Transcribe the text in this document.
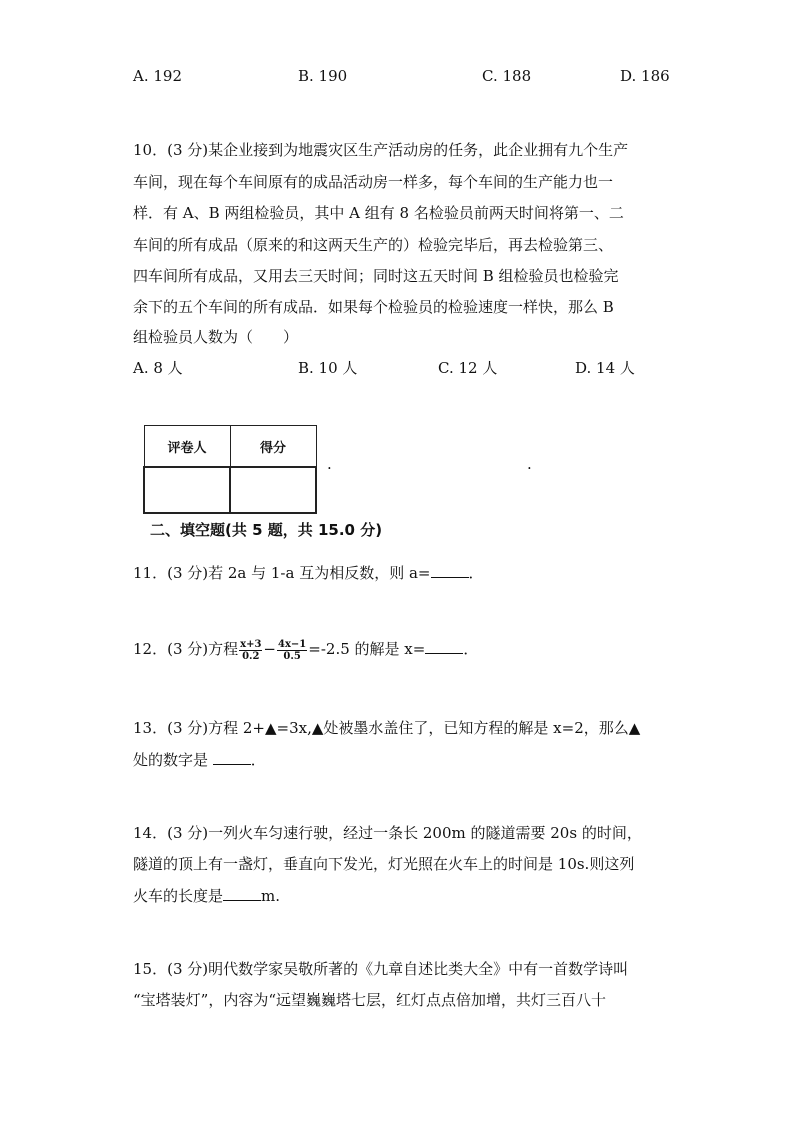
A. 192	B. 190	C. 188	D. 186
10．(3 分)某企业接到为地震灾区生产活动房的任务，此企业拥有九个生产
车间，现在每个车间原有的成品活动房一样多，每个车间的生产能力也一
样．有 A、B 两组检验员，其中 A 组有 8 名检验员前两天时间将第一、二
车间的所有成品（原来的和这两天生产的）检验完毕后，再去检验第三、
四车间所有成品，又用去三天时间；同时这五天时间 B 组检验员也检验完
余下的五个车间的所有成品．如果每个检验员的检验速度一样快，那么 B
组检验员人数为（　　）
A. 8 人	B. 10 人	C. 12 人	D. 14 人
评卷人	得分

.	.
二、填空题(共 5 题，共 15.0 分)
11．(3 分)若 2a 与 1-a 互为相反数，则 a=	．
12．(3 分)方程 $\frac{x+3}{0.2} - \frac{4x-1}{0.5} =-2.5$ 的解是 x=	．
13．(3 分)方程 2+▲=3x,▲处被墨水盖住了，已知方程的解是 x=2，那么▲
处的数字是	．
14．(3 分)一列火车匀速行驶，经过一条长 200m 的隧道需要 20s 的时间，
隧道的顶上有一盏灯，垂直向下发光，灯光照在火车上的时间是 10s.则这列
火车的长度是	m.
15．(3 分)明代数学家吴敬所著的《九章自述比类大全》中有一首数学诗叫
“宝塔装灯”，内容为“远望巍巍塔七层，红灯点点倍加增，共灯三百八十
